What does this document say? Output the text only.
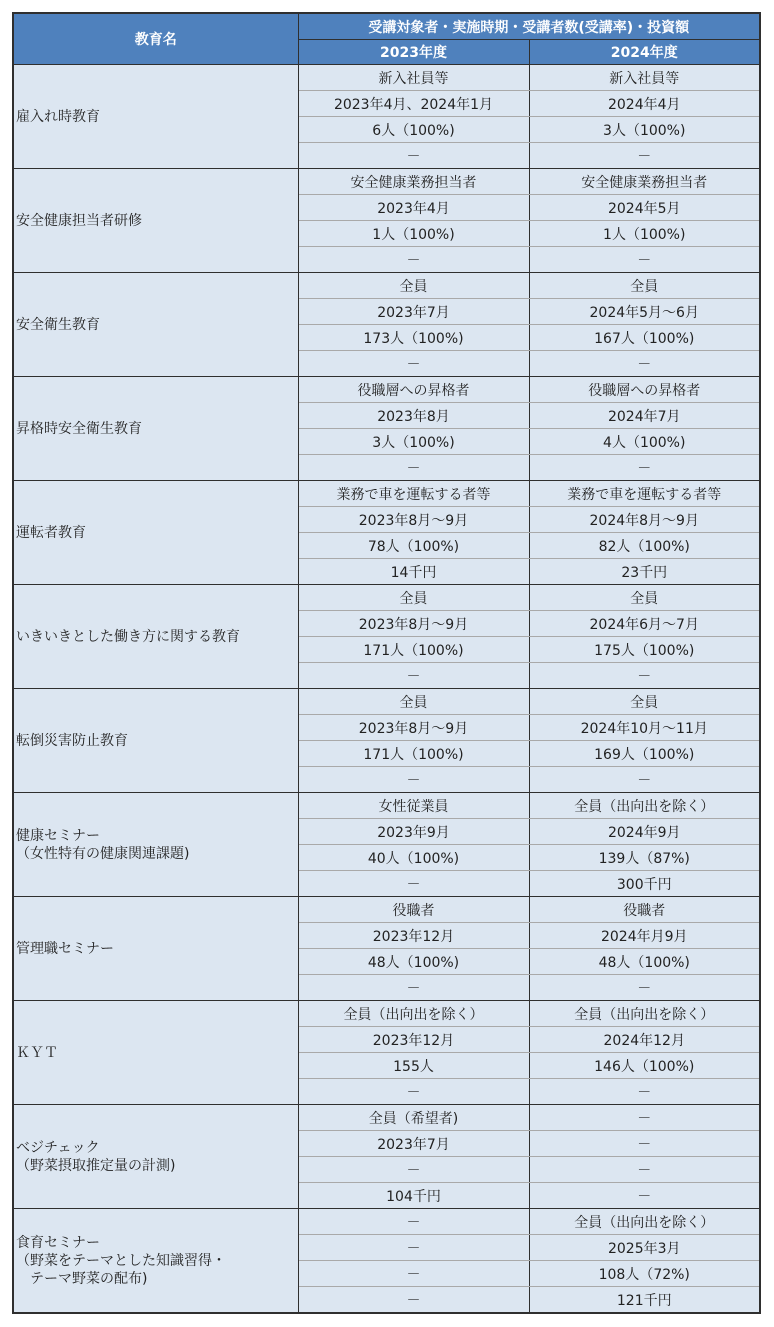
教育名	受講対象者・実施時期・受講者数(受講率)・投資額	
	2023年度	2024年度
雇入れ時教育	新入社員等	新入社員等
	2023年4月、2024年1月	2024年4月
	6人（100%)	3人（100%)
	－	－
安全健康担当者研修	安全健康業務担当者	安全健康業務担当者
	2023年4月	2024年5月
	1人（100%)	1人（100%)
	－	－
安全衛生教育	全員	全員
	2023年7月	2024年5月～6月
	173人（100%)	167人（100%)
	－	－
昇格時安全衛生教育	役職層への昇格者	役職層への昇格者
	2023年8月	2024年7月
	3人（100%)	4人（100%)
	－	－
運転者教育	業務で車を運転する者等	業務で車を運転する者等
	2023年8月～9月	2024年8月～9月
	78人（100%)	82人（100%)
	14千円	23千円
いきいきとした働き方に関する教育	全員	全員
	2023年8月～9月	2024年6月～7月
	171人（100%)	175人（100%)
	－	－
転倒災害防止教育	全員	全員
	2023年8月～9月	2024年10月～11月
	171人（100%)	169人（100%)
	－	－
健康セミナー
（女性特有の健康関連課題)	女性従業員	全員（出向出を除く）
	2023年9月	2024年9月
	40人（100%)	139人（87%)
	－	300千円
管理職セミナー	役職者	役職者
	2023年12月	2024年月9月
	48人（100%)	48人（100%)
	－	－
ＫＹＴ	全員（出向出を除く）	全員（出向出を除く）
	2023年12月	2024年12月
	155人	146人（100%)
	－	－
ベジチェック
（野菜摂取推定量の計測)	全員（希望者)	－
	2023年7月	－
	－	－
	104千円	－
食育セミナー
（野菜をテーマとした知識習得・
　テーマ野菜の配布)	－	全員（出向出を除く）
	－	2025年3月
	－	108人（72%)
	－	121千円
